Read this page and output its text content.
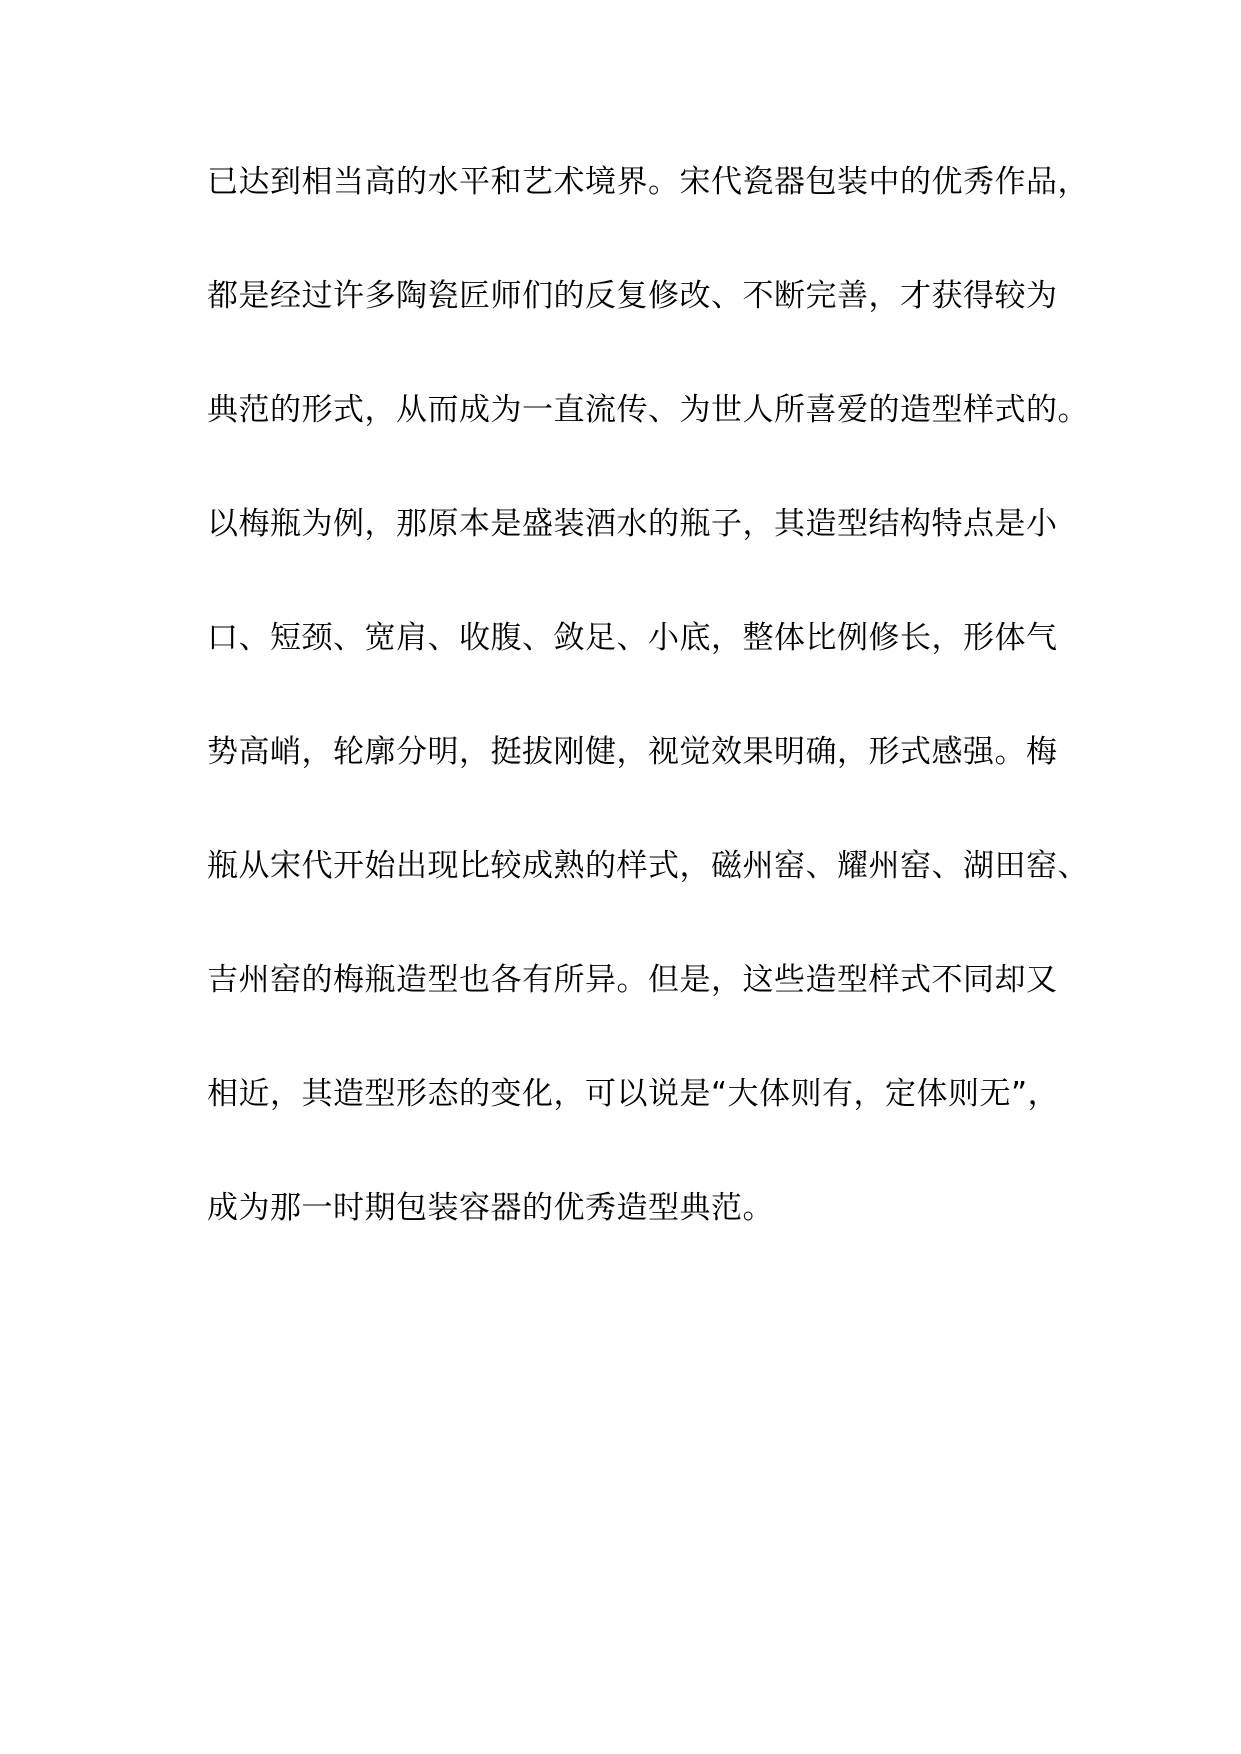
已达到相当高的水平和艺术境界。宋代瓷器包装中的优秀作品，
都是经过许多陶瓷匠师们的反复修改、不断完善，才获得较为
典范的形式，从而成为一直流传、为世人所喜爱的造型样式的。
以梅瓶为例，那原本是盛装酒水的瓶子，其造型结构特点是小
口、短颈、宽肩、收腹、敛足、小底，整体比例修长，形体气
势高峭，轮廓分明，挺拔刚健，视觉效果明确，形式感强。梅
瓶从宋代开始出现比较成熟的样式，磁州窑、耀州窑、湖田窑、
吉州窑的梅瓶造型也各有所异。但是，这些造型样式不同却又
相近，其造型形态的变化，可以说是“大体则有，定体则无”，
成为那一时期包装容器的优秀造型典范。
